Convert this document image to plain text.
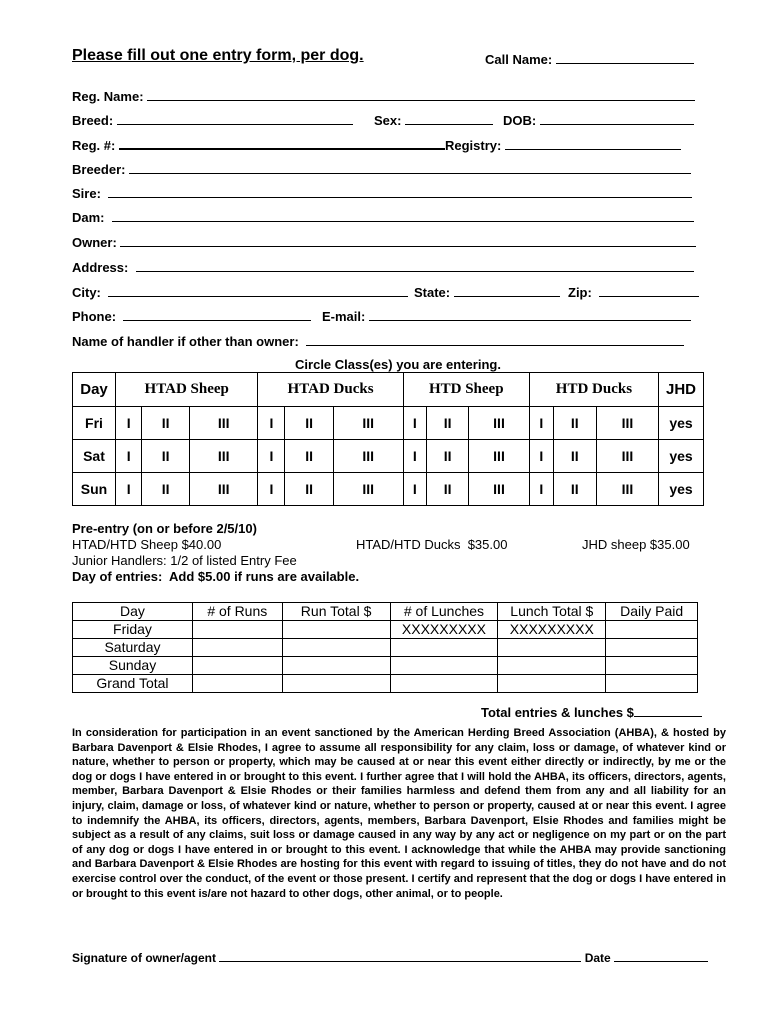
Please fill out one entry form, per dog.	Call Name:
Reg. Name:
Breed:	Sex:	DOB:
Reg. #:	Registry:
Breeder:
Sire:
Dam:
Owner:
Address:
City:	State:	Zip:
Phone:	E-mail:
Name of handler if other than owner:
Circle Class(es) you are entering.
Day	HTAD Sheep			HTAD Ducks			HTD Sheep			HTD Ducks			JHD
Fri	I	II	III	I	II	III	I	II	III	I	II	III	yes
Sat	I	II	III	I	II	III	I	II	III	I	II	III	yes
Sun	I	II	III	I	II	III	I	II	III	I	II	III	yes
Pre-entry (on or before 2/5/10)
HTAD/HTD Sheep $40.00	HTAD/HTD Ducks  $35.00	JHD sheep $35.00
Junior Handlers: 1/2 of listed Entry Fee
Day of entries:  Add $5.00 if runs are available.
Day	# of Runs	Run Total $	# of Lunches	Lunch Total $	Daily Paid
Friday			XXXXXXXXX	XXXXXXXXX	
Saturday					
Sunday					
Grand Total					
Total entries & lunches $
In consideration for participation in an event sanctioned by the American Herding Breed Association (AHBA), & hosted by Barbara Davenport & Elsie Rhodes, I agree to assume all responsibility for any claim, loss or damage, of whatever kind or nature, whether to person or property, which may be caused at or near this event either directly or indirectly, by me or the dog or dogs I have entered in or brought to this event. I further agree that I will hold the AHBA, its officers, directors, agents, member, Barbara Davenport & Elsie Rhodes or their families harmless and defend them from any and all liability for an injury, claim, damage or loss, of whatever kind or nature, whether to person or property, caused at or near this event. I agree to indemnify the AHBA, its officers, directors, agents, members, Barbara Davenport, Elsie Rhodes and families might be subject as a result of any claims, suit loss or damage caused in any way by any act or negligence on my part or on the part of any dog or dogs I have entered in or brought to this event. I acknowledge that while the AHBA may provide sanctioning and Barbara Davenport & Elsie Rhodes are hosting for this event with regard to issuing of titles, they do not have and do not exercise control over the conduct, of the event or those present. I certify and represent that the dog or dogs I have entered in or brought to this event is/are not hazard to other dogs, other animal, or to people.
Signature of owner/agent	Date
